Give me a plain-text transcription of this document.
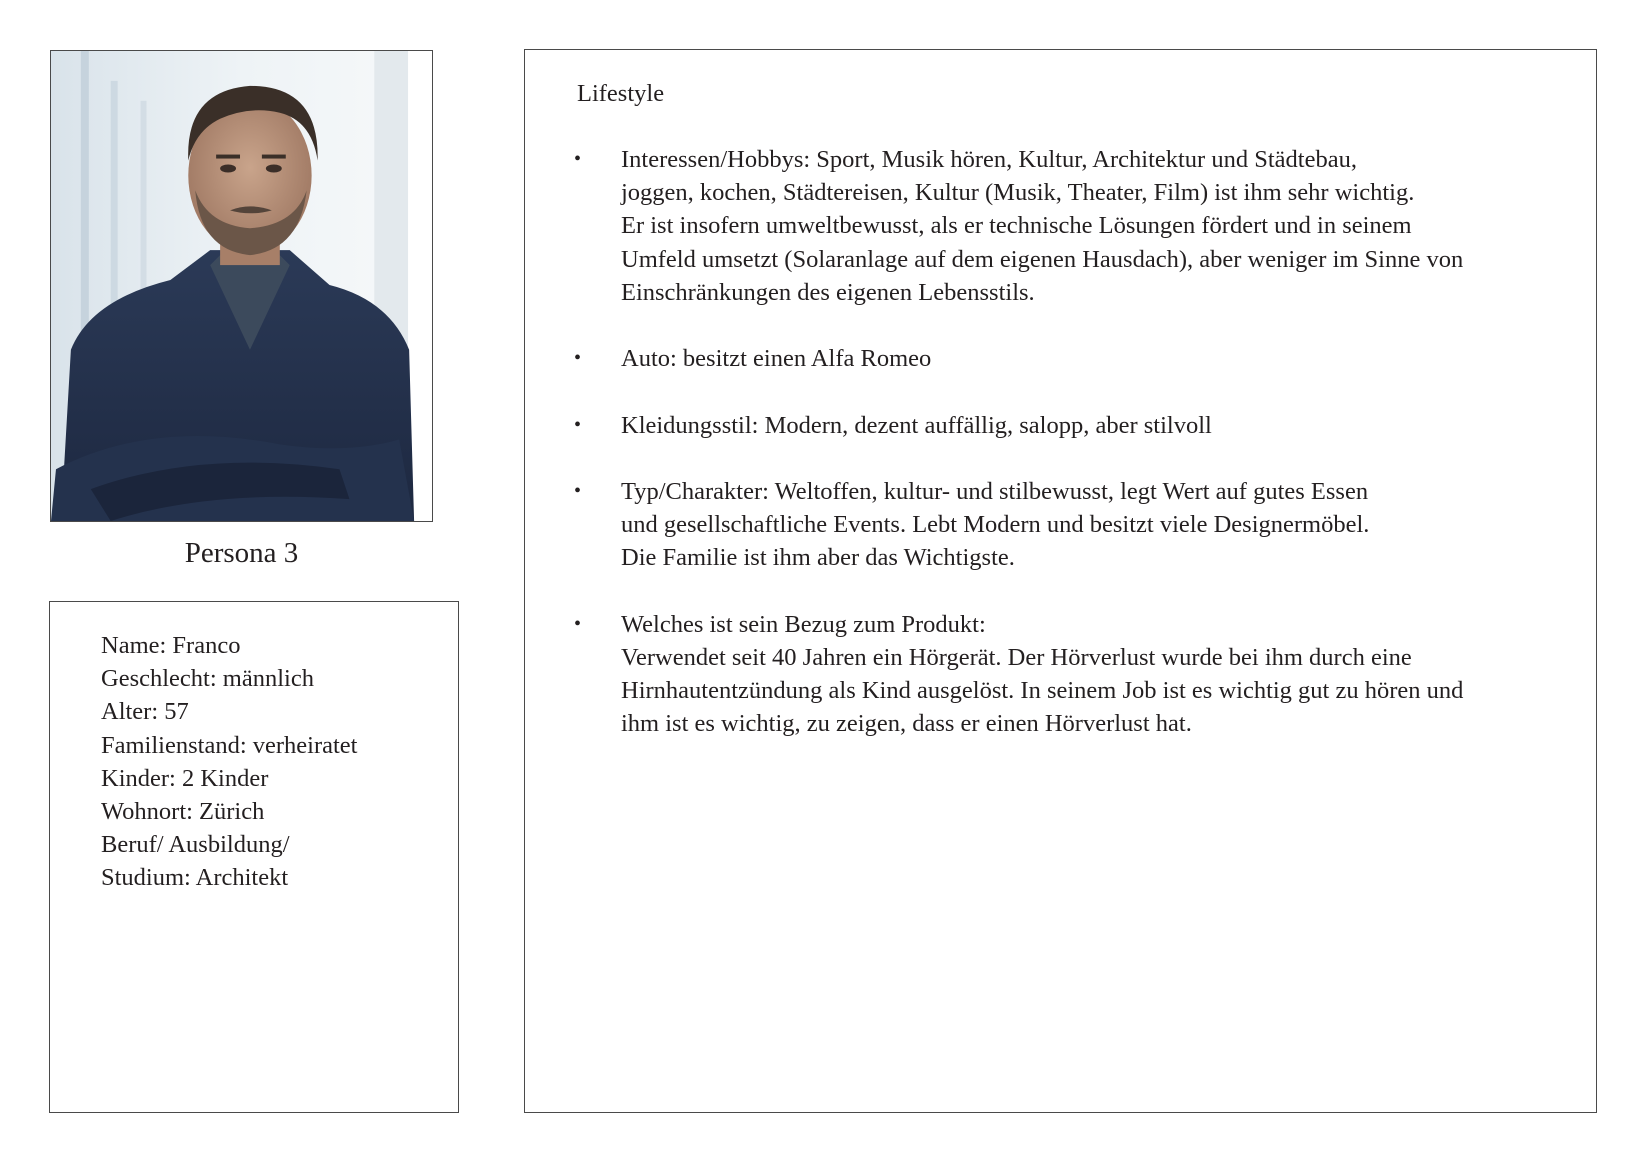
Persona 3
Name: Franco
Geschlecht: männlich
Alter: 57
Familienstand: verheiratet
Kinder: 2 Kinder
Wohnort: Zürich
Beruf/ Ausbildung/
Studium: Architekt
Lifestyle
• Interessen/Hobbys: Sport, Musik hören, Kultur, Architektur und Städtebau,
joggen, kochen, Städtereisen, Kultur (Musik, Theater, Film) ist ihm sehr wichtig.
Er ist insofern umweltbewusst, als er technische Lösungen fördert und in seinem
Umfeld umsetzt (Solaranlage auf dem eigenen Hausdach), aber weniger im Sinne von
Einschränkungen des eigenen Lebensstils.
• Auto: besitzt einen Alfa Romeo
• Kleidungsstil: Modern, dezent auffällig, salopp, aber stilvoll
• Typ/Charakter: Weltoffen, kultur- und stilbewusst, legt Wert auf gutes Essen
und gesellschaftliche Events. Lebt Modern und besitzt viele Designermöbel.
Die Familie ist ihm aber das Wichtigste.
• Welches ist sein Bezug zum Produkt:
Verwendet seit 40 Jahren ein Hörgerät. Der Hörverlust wurde bei ihm durch eine
Hirnhautentzündung als Kind ausgelöst. In seinem Job ist es wichtig gut zu hören und
ihm ist es wichtig, zu zeigen, dass er einen Hörverlust hat.
